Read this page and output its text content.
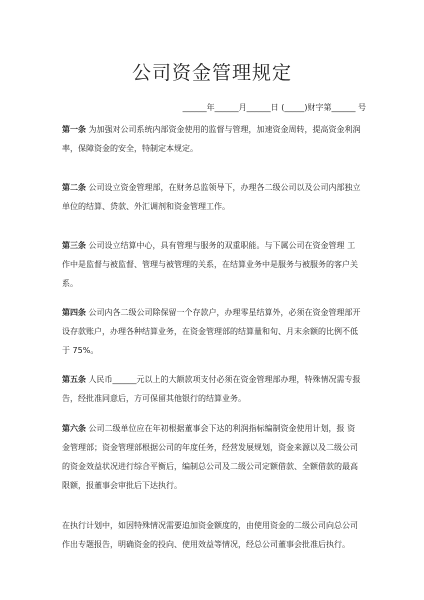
公司资金管理规定
______年______月______日 (_____)财字第______ 号
第一条 为加强对公司系统内部资金使用的监督与管理，加速资金周转，提高资金利润率，保障资金的安全，特制定本规定。
第二条 公司设立资金管理部，在财务总监领导下，办理各二级公司以及公司内部独立单位的结算、贷款、外汇调剂和资金管理工作。
第三条 公司设立结算中心，具有管理与服务的双重职能。与下属公司在资金管理 工作中是监督与被监督、管理与被管理的关系，在结算业务中是服务与被服务的客户关系。
第四条 公司内各二级公司除保留一个存款户，办理零星结算外，必须在资金管理部开设存款账户，办理各种结算业务，在资金管理部的结算量和旬、月末余额的比例不低于 75%。
第五条 人民币______元以上的大额款项支付必须在资金管理部办理，特殊情况需专报告，经批准同意后，方可保留其他银行的结算业务。
第六条 公司二级单位应在年初根据董事会下达的利润指标编制资金使用计划，报 资金管理部；资金管理部根据公司的年度任务，经营发展规划，资金来源以及二级公司的资金效益状况进行综合平衡后，编制总公司及二级公司定额借款、全额借款的最高限额，报董事会审批后下达执行。
在执行计划中，如因特殊情况需要追加资金额度的，由使用资金的二级公司向总公司作出专题报告，明确资金的投向、使用效益等情况，经总公司董事会批准后执行。
